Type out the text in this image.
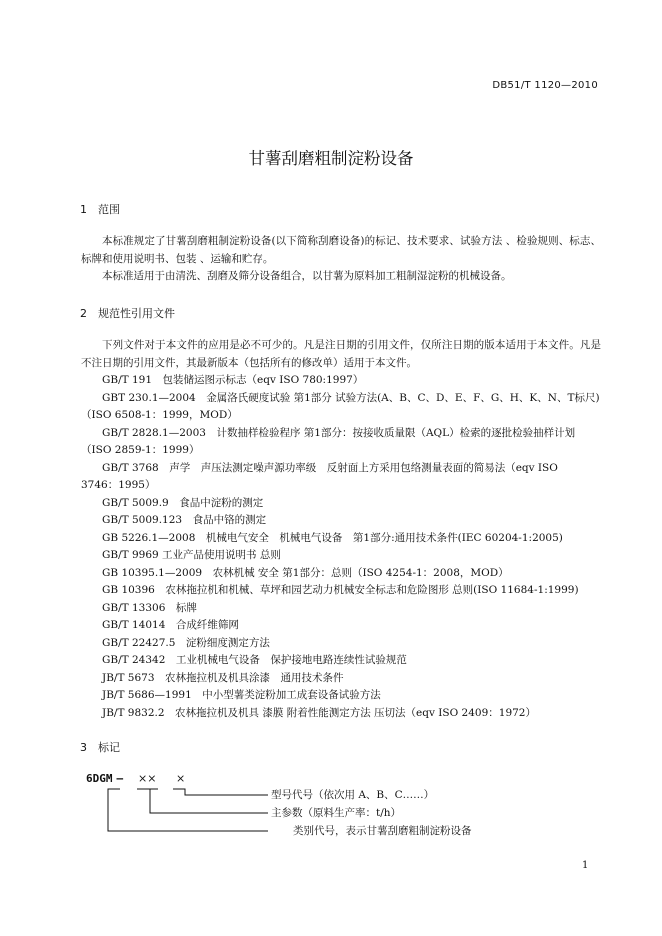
DB51/T 1120—2010
甘薯刮磨粗制淀粉设备
1 范围

本标准规定了甘薯刮磨粗制淀粉设备(以下简称刮磨设备)的标记、技术要求、试验方法 、检验规则、标志、标牌和使用说明书、包装 、运输和贮存。

本标准适用于由清洗、刮磨及筛分设备组合，以甘薯为原料加工粗制湿淀粉的机械设备。

2 规范性引用文件

下列文件对于本文件的应用是必不可少的。凡是注日期的引用文件，仅所注日期的版本适用于本文件。凡是不注日期的引用文件，其最新版本（包括所有的修改单）适用于本文件。

GB/T 191　包装储运图示标志（eqv ISO 780:1997）
GBT 230.1—2004　金属洛氏硬度试验 第1部分 试验方法(A、B、C、D、E、F、G、H、K、N、T标尺)
（ISO 6508-1：1999，MOD）
GB/T 2828.1—2003　计数抽样检验程序 第1部分：按接收质量限（AQL）检索的逐批检验抽样计划
（ISO 2859-1：1999）
GB/T 3768　声学　声压法测定噪声源功率级　反射面上方采用包络测量表面的简易法（eqv ISO
3746：1995）
GB/T 5009.9　食品中淀粉的测定
GB/T 5009.123　食品中铬的测定
GB 5226.1—2008　机械电气安全　机械电气设备　第1部分:通用技术条件(IEC 60204-1:2005)
GB/T 9969 工业产品使用说明书 总则
GB 10395.1—2009　农林机械 安全 第1部分：总则（ISO 4254-1：2008，MOD）
GB 10396　农林拖拉机和机械、草坪和园艺动力机械安全标志和危险图形 总则(ISO 11684-1:1999)
GB/T 13306　标牌
GB/T 14014　合成纤维筛网
GB/T 22427.5　淀粉细度测定方法
GB/T 24342　工业机械电气设备　保护接地电路连续性试验规范
JB/T 5673　农林拖拉机及机具涂漆　通用技术条件
JB/T 5686—1991　中小型薯类淀粉加工成套设备试验方法
JB/T 9832.2　农林拖拉机及机具 漆膜 附着性能测定方法 压切法（eqv ISO 2409：1972）
3 标记
6DGM — ×× ×
型号代号（依次用 A、B、C……）
主参数（原料生产率：t/h）
类别代号，表示甘薯刮磨粗制淀粉设备
1
